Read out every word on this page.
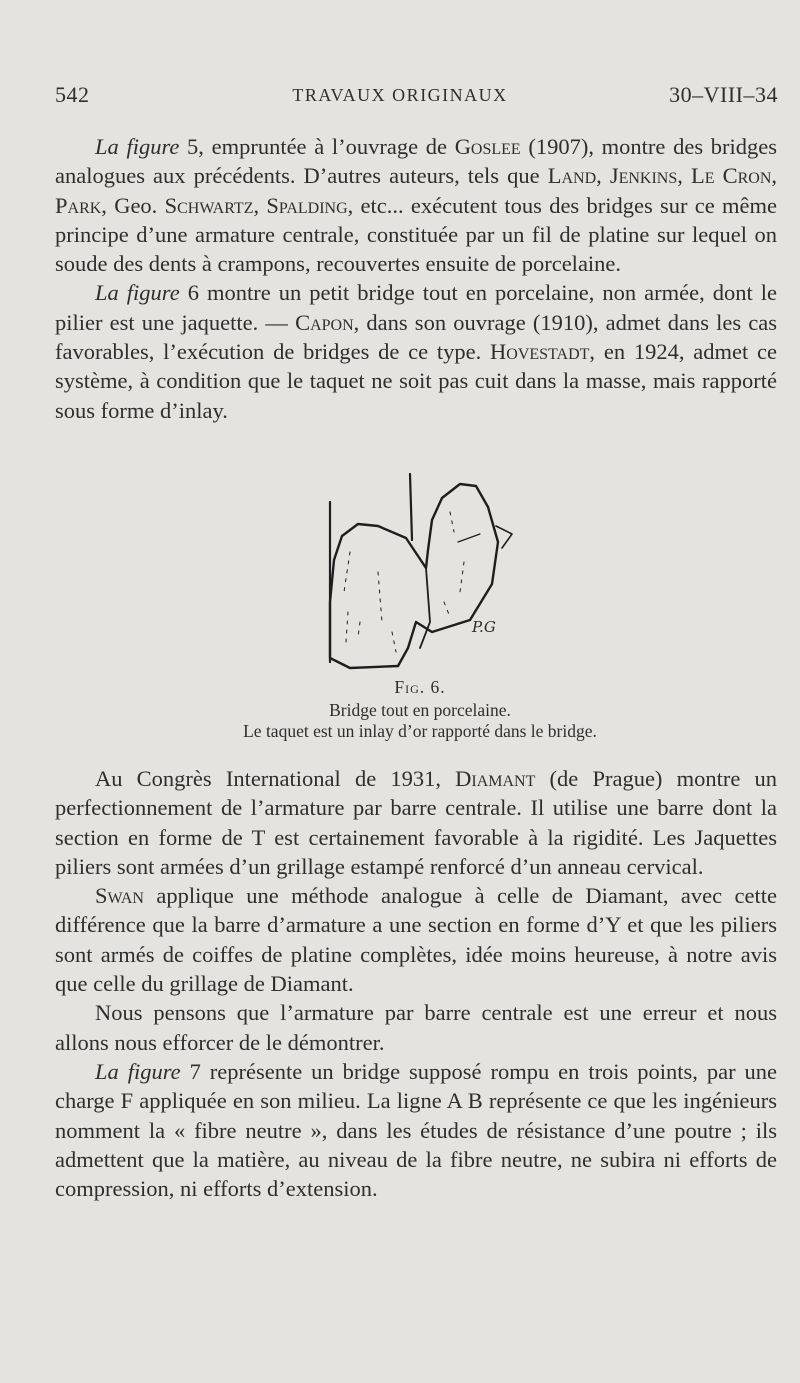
542	TRAVAUX ORIGINAUX	30–VIII–34

La figure 5, empruntée à l’ouvrage de Goslee (1907), montre des bridges analogues aux précédents. D’autres auteurs, tels que Land, Jenkins, Le Cron, Park, Geo. Schwartz, Spalding, etc... exécutent tous des bridges sur ce même principe d’une armature centrale, constituée par un fil de platine sur lequel on soude des dents à crampons, recouvertes ensuite de porcelaine.

La figure 6 montre un petit bridge tout en porcelaine, non armée, dont le pilier est une jaquette. — Capon, dans son ouvrage (1910), admet dans les cas favorables, l’exécution de bridges de ce type. Hovestadt, en 1924, admet ce système, à condition que le taquet ne soit pas cuit dans la masse, mais rapporté sous forme d’inlay.

P.G
Fig. 6.
Bridge tout en porcelaine.
Le taquet est un inlay d’or rapporté dans le bridge.

Au Congrès International de 1931, Diamant (de Prague) montre un perfectionnement de l’armature par barre centrale. Il utilise une barre dont la section en forme de T est certainement favorable à la rigidité. Les Jaquettes piliers sont armées d’un grillage estampé renforcé d’un anneau cervical.

Swan applique une méthode analogue à celle de Diamant, avec cette différence que la barre d’armature a une section en forme d’Y et que les piliers sont armés de coiffes de platine complètes, idée moins heureuse, à notre avis que celle du grillage de Diamant.

Nous pensons que l’armature par barre centrale est une erreur et nous allons nous efforcer de le démontrer.

La figure 7 représente un bridge supposé rompu en trois points, par une charge F appliquée en son milieu. La ligne A B représente ce que les ingénieurs nomment la « fibre neutre », dans les études de résistance d’une poutre ; ils admettent que la matière, au niveau de la fibre neutre, ne subira ni efforts de compression, ni efforts d’extension.
